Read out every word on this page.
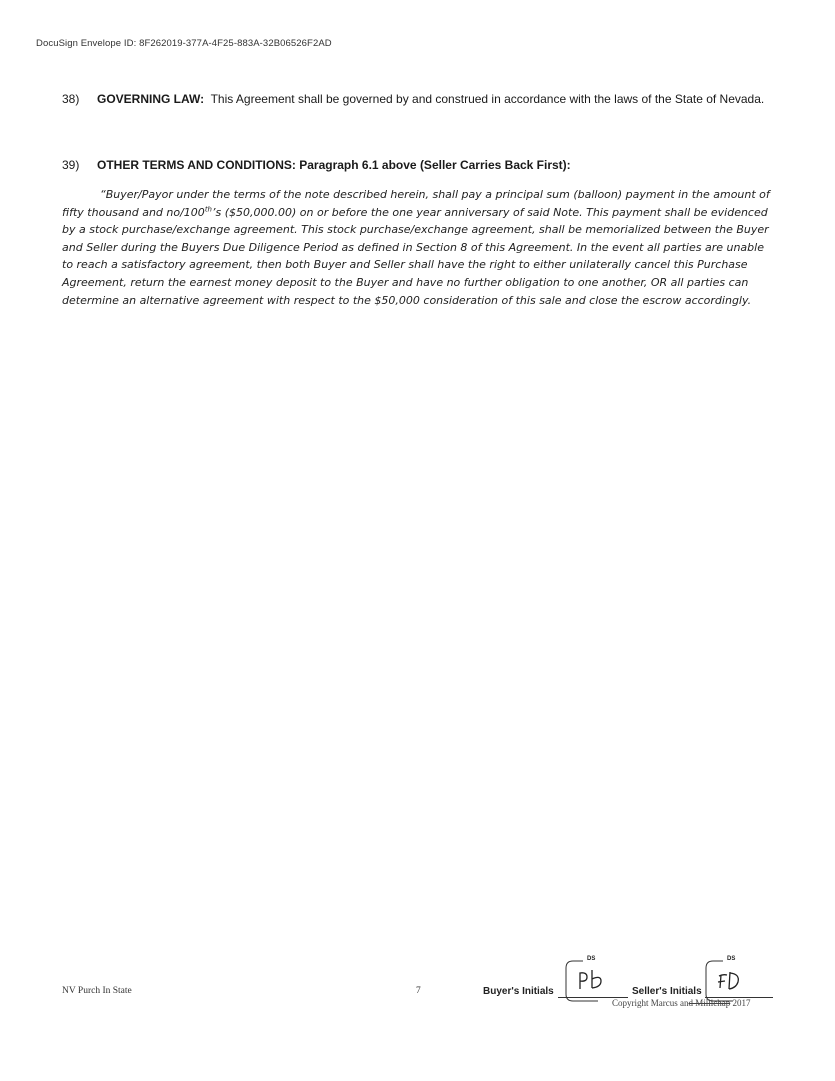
DocuSign Envelope ID: 8F262019-377A-4F25-883A-32B06526F2AD
38) GOVERNING LAW: This Agreement shall be governed by and construed in accordance with the laws of the State of Nevada.
39) OTHER TERMS AND CONDITIONS: Paragraph 6.1 above (Seller Carries Back First):
“Buyer/Payor under the terms of the note described herein, shall pay a principal sum (balloon) payment in the amount of fifty thousand and no/100th’s ($50,000.00) on or before the one year anniversary of said Note. This payment shall be evidenced by a stock purchase/exchange agreement. This stock purchase/exchange agreement, shall be memorialized between the Buyer and Seller during the Buyers Due Diligence Period as defined in Section 8 of this Agreement. In the event all parties are unable to reach a satisfactory agreement, then both Buyer and Seller shall have the right to either unilaterally cancel this Purchase Agreement, return the earnest money deposit to the Buyer and have no further obligation to one another, OR all parties can determine an alternative agreement with respect to the $50,000 consideration of this sale and close the escrow accordingly.
NV Purch In State	7	Buyer's Initials
DS
Seller's Initials
DS
Copyright Marcus and Millichap 2017
